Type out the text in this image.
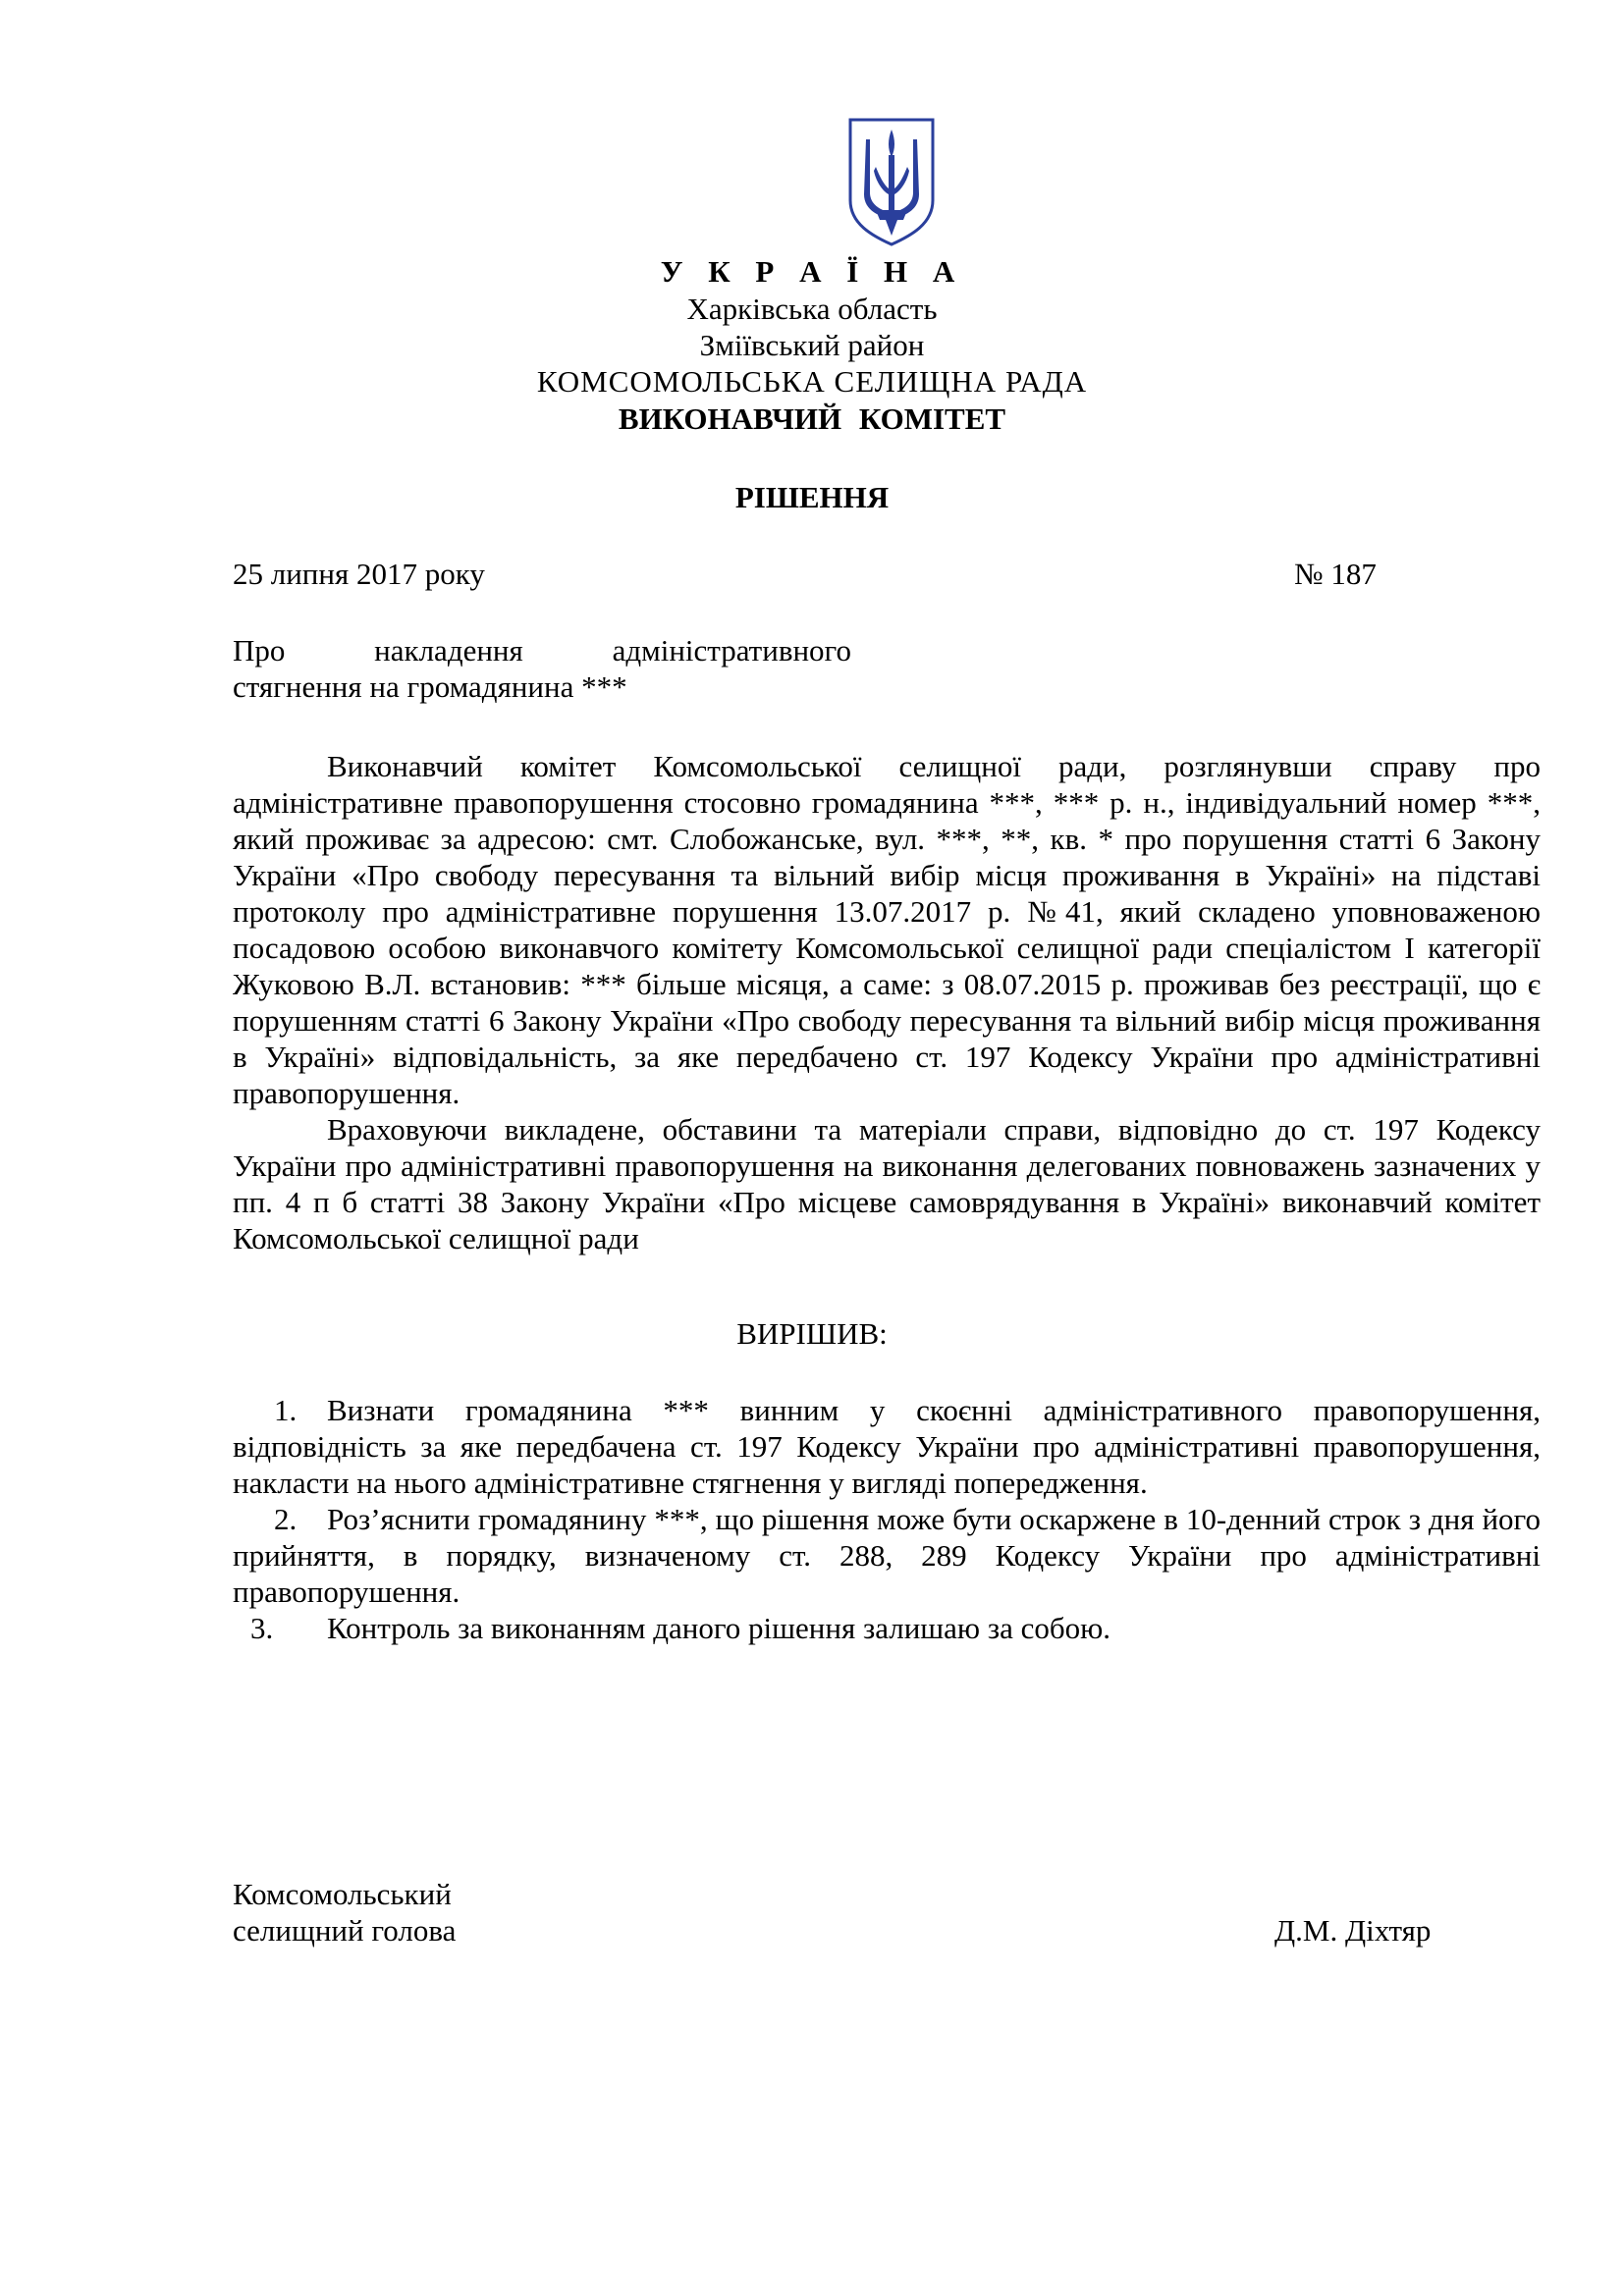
У К Р А Ї Н А

Харківська область

Зміївський район

КОМСОМОЛЬСЬКА СЕЛИЩНА РАДА

ВИКОНАВЧИЙ КОМІТЕТ

РІШЕННЯ

25 липня 2017 року	№ 187

Про накладення адміністративного
стягнення на громадянина ***

Виконавчий комітет Комсомольської селищної ради, розглянувши справу про адміністративне правопорушення стосовно громадянина ***, *** р. н., індивідуальний номер ***, який проживає за адресою: смт. Слобожанське, вул. ***, **, кв. * про порушення статті 6 Закону України «Про свободу пересування та вільний вибір місця проживання в Україні» на підставі протоколу про адміністративне порушення 13.07.2017 р. №41, який складено уповноваженою посадовою особою виконавчого комітету Комсомольської селищної ради спеціалістом І категорії Жуковою В.Л. встановив: *** більше місяця, а саме: з 08.07.2015 р. проживав без реєстрації, що є порушенням статті 6 Закону України «Про свободу пересування та вільний вибір місця проживання в Україні» відповідальність, за яке передбачено ст. 197 Кодексу України про адміністративні правопорушення.

Враховуючи викладене, обставини та матеріали справи, відповідно до ст. 197 Кодексу України про адміністративні правопорушення на виконання делегованих повноважень зазначених у пп. 4 п б статті 38 Закону України «Про місцеве самоврядування в Україні» виконавчий комітет Комсомольської селищної ради

ВИРІШИВ:

1. Визнати громадянина *** винним у скоєнні адміністративного правопорушення, відповідність за яке передбачена ст. 197 Кодексу України про адміністративні правопорушення, накласти на нього адміністративне стягнення у вигляді попередження.

2. Роз’яснити громадянину ***, що рішення може бути оскаржене в 10-денний строк з дня його прийняття, в порядку, визначеному ст. 288, 289 Кодексу України про адміністративні правопорушення.

3. Контроль за виконанням даного рішення залишаю за собою.

Комсомольський
селищний голова	Д.М. Діхтяр
